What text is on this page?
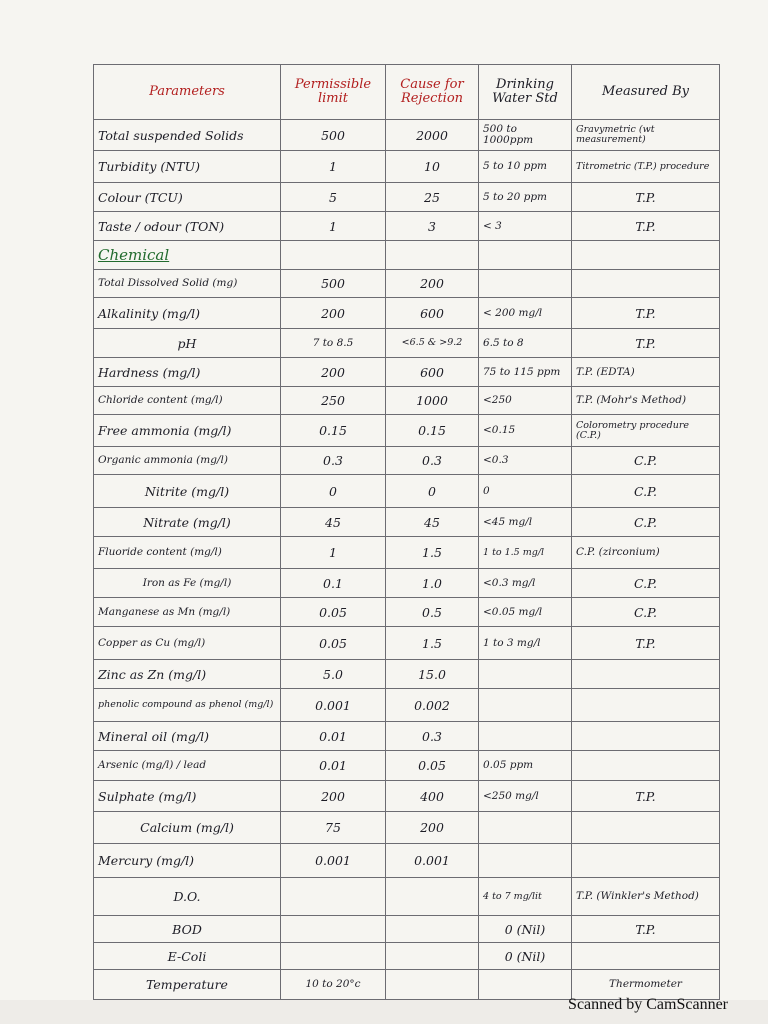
Parameters	Permissible limit	Cause for Rejection	Drinking Water Std	Measured By
Total suspended Solids	500	2000	500 to 1000ppm	Gravymetric (wt measurement)
Turbidity (NTU)	1	10	5 to 10 ppm	Titrometric (T.P.) procedure
Colour (TCU)	5	25	5 to 20 ppm	T.P.
Taste / odour (TON)	1	3	< 3	T.P.
Chemical				
Total Dissolved Solid (mg)	500	200		
Alkalinity (mg/l)	200	600	< 200 mg/l	T.P.
pH	7 to 8.5	<6.5 & >9.2	6.5 to 8	T.P.
Hardness (mg/l)	200	600	75 to 115 ppm	T.P. (EDTA)
Chloride content (mg/l)	250	1000	<250	T.P. (Mohr's Method)
Free ammonia (mg/l)	0.15	0.15	<0.15	Colorometry procedure (C.P.)
Organic ammonia (mg/l)	0.3	0.3	<0.3	C.P.
Nitrite (mg/l)	0	0	0	C.P.
Nitrate (mg/l)	45	45	<45 mg/l	C.P.
Fluoride content (mg/l)	1	1.5	1 to 1.5 mg/l	C.P. (zirconium)
Iron as Fe (mg/l)	0.1	1.0	<0.3 mg/l	C.P.
Manganese as Mn (mg/l)	0.05	0.5	<0.05 mg/l	C.P.
Copper as Cu (mg/l)	0.05	1.5	1 to 3 mg/l	T.P.
Zinc as Zn (mg/l)	5.0	15.0		
phenolic compound as phenol (mg/l)	0.001	0.002		
Mineral oil (mg/l)	0.01	0.3		
Arsenic (mg/l) / lead	0.01	0.05	0.05 ppm	
Sulphate (mg/l)	200	400	<250 mg/l	T.P.
Calcium (mg/l)	75	200		
Mercury (mg/l)	0.001	0.001		
D.O.			4 to 7 mg/lit	T.P. (Winkler's Method)
BOD			0 (Nil)	T.P.
E-Coli			0 (Nil)	
Temperature	10 to 20°c			Thermometer
Scanned by CamScanner
